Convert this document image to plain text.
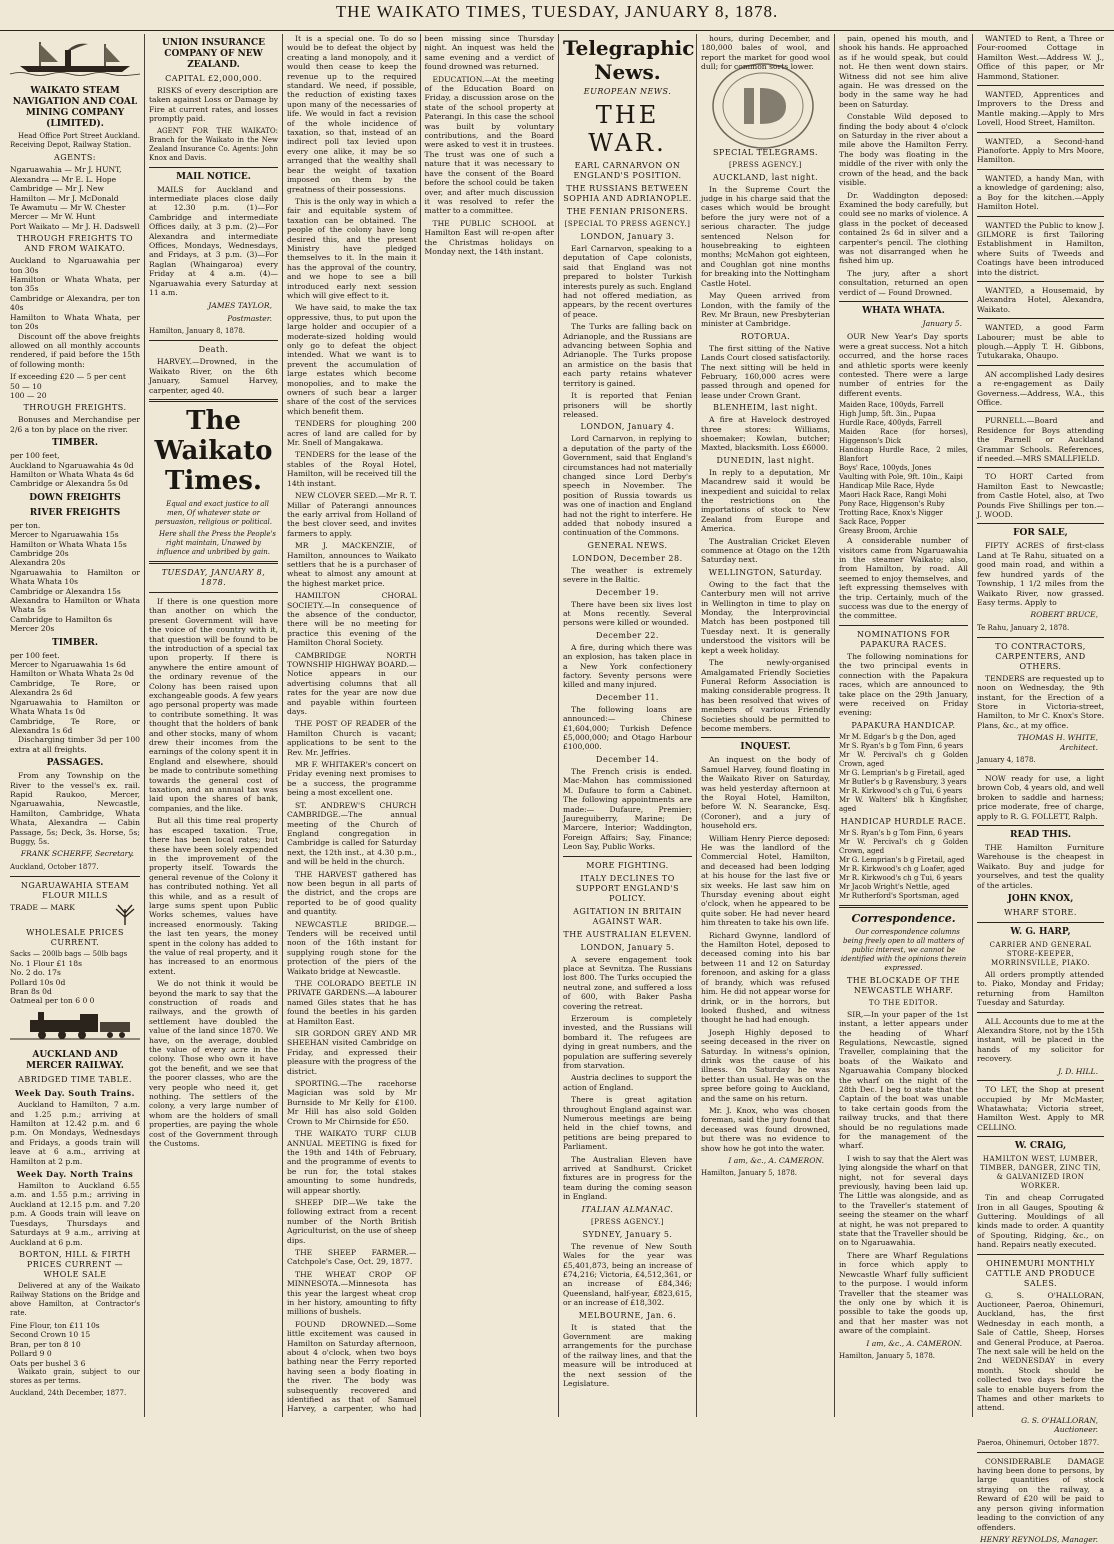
THE WAIKATO TIMES, TUESDAY, JANUARY 8, 1878.
WAIKATO STEAM NAVIGATION AND COAL MINING COMPANY (LIMITED).

Head Office Port Street Auckland. Receiving Depot, Railway Station.

AGENTS:
Ngaruawahia — Mr J. HUNT,
Alexandra — Mr E. L. Hope
Cambridge — Mr J. New
Hamilton — Mr J. McDonald
Te Awamutu — Mr W. Chester
Mercer — Mr W. Hunt
Port Waikato — Mr J. H. Dadswell
THROUGH FREIGHTS TO AND FROM WAIKATO.
Auckland to Ngaruawahia per ton 30s
Hamilton or Whata Whata, per ton 35s
Cambridge or Alexandra, per ton 40s
Hamilton to Whata Whata, per ton 20s

Discount off the above freights allowed on all monthly accounts rendered, if paid before the 15th of following month:

If exceeding £20 — 5 per cent
50 — 10
100 — 20
THROUGH FREIGHTS.

Bonuses and Merchandise per 2/6 a ton by place on the river.

TIMBER.
per 100 feet,
Auckland to Ngaruawahia 4s 0d
Hamilton or Whata Whata 4s 6d
Cambridge or Alexandra 5s 0d
DOWN FREIGHTS
RIVER FREIGHTS
per ton.
Mercer to Ngaruawahia 15s
Hamilton or Whata Whata 15s
Cambridge 20s
Alexandra 20s
Ngaruawahia to Hamilton or Whata Whata 10s
Cambridge or Alexandra 15s
Alexandra to Hamilton or Whata Whata 5s
Cambridge to Hamilton 6s
Mercer 20s
TIMBER.
per 100 feet.
Mercer to Ngaruawahia 1s 6d
Hamilton or Whata Whata 2s 0d
Cambridge, Te Rore, or Alexandra 2s 6d
Ngaruawahia to Hamilton or Whata Whata 1s 0d
Cambridge, Te Rore, or Alexandra 1s 6d

Discharging timber 3d per 100 extra at all freights.

PASSAGES.

From any Township on the River to the vessel's ex. rail. Rapid Raukoo, Mercer, Ngaruawahia, Newcastle, Hamilton, Cambridge, Whata Whata, Alexandra — Cabin Passage, 5s; Deck, 3s. Horse, 5s; Buggy, 5s.

FRANK SCHERFF, Secretary.
Auckland, October 1877.
NGARUAWAHIA STEAM FLOUR MILLS
TRADE — MARK
WHOLESALE PRICES CURRENT.
Sacks — 200lb bags — 50lb bags
No. 1 Flour £1 18s
No. 2 do. 17s
Pollard 10s 0d
Bran 8s 0d
Oatmeal per ton 6 0 0
AUCKLAND AND MERCER RAILWAY.
ABRIDGED TIME TABLE.
Week Day. South Trains.

Auckland to Hamilton, 7 a.m. and 1.25 p.m.; arriving at Hamilton at 12.42 p.m. and 6 p.m. On Mondays, Wednesdays and Fridays, a goods train will leave at 6 a.m., arriving at Hamilton at 2 p.m.

Week Day. North Trains

Hamilton to Auckland 6.55 a.m. and 1.55 p.m.; arriving in Auckland at 12.15 p.m. and 7.20 p.m. A Goods train will leave on Tuesdays, Thursdays and Saturdays at 9 a.m., arriving at Auckland at 6 p.m.

BORTON, HILL & FIRTH PRICES CURRENT — WHOLE SALE

Delivered at any of the Waikato Railway Stations on the Bridge and above Hamilton, at Contractor's rate.

Fine Flour, ton £11 10s
Second Crown 10 15
Bran, per ton 8 10
Pollard 9 0
Oats per bushel 3 6

Waikato grain, subject to our stores as per terms.

Auckland, 24th December, 1877.
UNION INSURANCE COMPANY OF NEW ZEALAND.
CAPITAL £2,000,000.

RISKS of every description are taken against Loss or Damage by Fire at current rates, and losses promptly paid.

AGENT FOR THE WAIKATO: Branch for the Waikato in the New Zealand Insurance Co. Agents: John Knox and Davis.

MAIL NOTICE.

MAILS for Auckland and intermediate places close daily at 12.30 p.m. (1)—For Cambridge and intermediate Offices daily, at 3 p.m. (2)—For Alexandra and intermediate Offices, Mondays, Wednesdays, and Fridays, at 3 p.m. (3)—For Raglan (Whaingaroa) every Friday at 4 a.m. (4)—Ngaruawahia every Saturday at 11 a.m.

JAMES TAYLOR,
Postmaster.
Hamilton, January 8, 1878.
Death.

HARVEY.—Drowned, in the Waikato River, on the 6th January, Samuel Harvey, carpenter, aged 40.

The Waikato Times.

Equal and exact justice to all men, Of whatever state or persuasion, religious or political.

Here shall the Press the People's right maintain, Unawed by influence and unbribed by gain.

TUESDAY, JANUARY 8, 1878.

If there is one question more than another on which the present Government will have the voice of the country with it, that question will be found to be the introduction of a special tax upon property. If there is anywhere the entire amount of the ordinary revenue of the Colony has been raised upon exchangeable goods. A few years ago personal property was made to contribute something. It was thought that the holders of bank and other stocks, many of whom drew their incomes from the earnings of the colony spent it in England and elsewhere, should be made to contribute something towards the general cost of taxation, and an annual tax was laid upon the shares of bank, companies, and the like.

But all this time real property has escaped taxation. True, there has been local rates; but these have been solely expended in the improvement of the property itself. Towards the general revenue of the Colony it has contributed nothing. Yet all this while, and as a result of large sums spent upon Public Works schemes, values have increased enormously. Taking the last ten years, the money spent in the colony has added to the value of real property, and it has increased to an enormous extent.

We do not think it would be beyond the mark to say that the construction of roads and railways, and the growth of settlement have doubled the value of the land since 1870. We have, on the average, doubled the value of every acre in the colony. Those who own it have got the benefit, and we see that the poorer classes, who are the very people who need it, get nothing. The settlers of the colony, a very large number of whom are the holders of small properties, are paying the whole cost of the Government through the Customs.

It is a special one. To do so would be to defeat the object by creating a land monopoly, and it would then cease to keep the revenue up to the required standard. We need, if possible, the reduction of existing taxes upon many of the necessaries of life. We would in fact a revision of the whole incidence of taxation, so that, instead of an indirect poll tax levied upon every one alike, it may be so arranged that the wealthy shall bear the weight of taxation imposed on them by the greatness of their possessions.

This is the only way in which a fair and equitable system of taxation can be obtained. The people of the colony have long desired this, and the present Ministry have pledged themselves to it. In the main it has the approval of the country, and we hope to see a bill introduced early next session which will give effect to it.

We have said, to make the tax oppressive, thus, to put upon the large holder and occupier of a moderate-sized holding would only go to defeat the object intended. What we want is to prevent the accumulation of large estates which become monopolies, and to make the owners of such bear a larger share of the cost of the services which benefit them.

TENDERS for ploughing 200 acres of land are called for by Mr. Snell of Mangakawa.

TENDERS for the lease of the stables of the Royal Hotel, Hamilton, will be received till the 14th instant.

NEW CLOVER SEED.—Mr R. T. Millar of Paterangi announces the early arrival from Holland of the best clover seed, and invites farmers to apply.

MR J. MACKENZIE, of Hamilton, announces to Waikato settlers that he is a purchaser of wheat to almost any amount at the highest market price.

HAMILTON CHORAL SOCIETY.—In consequence of the absence of the conductor, there will be no meeting for practice this evening of the Hamilton Choral Society.

CAMBRIDGE NORTH TOWNSHIP HIGHWAY BOARD.—Notice appears in our advertising columns that all rates for the year are now due and payable within fourteen days.

THE POST OF READER of the Hamilton Church is vacant; applications to be sent to the Rev. Mr. Jeffries.

MR F. WHITAKER's concert on Friday evening next promises to be a success, the programme being a most excellent one.

ST. ANDREW'S CHURCH CAMBRIDGE.—The annual meeting of the Church of England congregation in Cambridge is called for Saturday next, the 12th inst., at 4.30 p.m., and will be held in the church.

THE HARVEST gathered has now been begun in all parts of the district, and the crops are reported to be of good quality and quantity.

NEWCASTLE BRIDGE.—Tenders will be received until noon of the 16th instant for supplying rough stone for the protection of the piers of the Waikato bridge at Newcastle.

THE COLORADO BEETLE IN PRIVATE GARDENS.—A labourer named Giles states that he has found the beetles in his garden at Hamilton East.

SIR GORDON GREY AND MR SHEEHAN visited Cambridge on Friday, and expressed their pleasure with the progress of the district.

SPORTING.—The racehorse Magician was sold by Mr Burnside to Mr Kelly for £100. Mr Hill has also sold Golden Crown to Mr Chirnside for £50.

THE WAIKATO TURF CLUB ANNUAL MEETING is fixed for the 19th and 14th of February, and the programme of events to be run for, the total stakes amounting to some hundreds, will appear shortly.

SHEEP DIP.—We take the following extract from a recent number of the North British Agriculturist, on the use of sheep dips.

THE SHEEP FARMER.—Catchpole's Case, Oct. 29, 1877.

THE WHEAT CROP OF MINNESOTA.—Minnesota has this year the largest wheat crop in her history, amounting to fifty millions of bushels.

FOUND DROWNED.—Some little excitement was caused in Hamilton on Saturday afternoon, about 4 o'clock, when two boys bathing near the Ferry reported having seen a body floating in the river. The body was subsequently recovered and identified as that of Samuel Harvey, a carpenter, who had been missing since Thursday night. An inquest was held the same evening and a verdict of found drowned was returned.

EDUCATION.—At the meeting of the Education Board on Friday, a discussion arose on the state of the school property at Paterangi. In this case the school was built by voluntary contributions, and the Board were asked to vest it in trustees. The trust was one of such a nature that it was necessary to have the consent of the Board before the school could be taken over, and after much discussion it was resolved to refer the matter to a committee.

THE PUBLIC SCHOOL at Hamilton East will re-open after the Christmas holidays on Monday next, the 14th instant.

Telegraphic News.
EUROPEAN NEWS.
THE WAR.
EARL CARNARVON ON ENGLAND'S POSITION.
THE RUSSIANS BETWEEN SOPHIA AND ADRIANOPLE.
THE FENIAN PRISONERS.
[SPECIAL TO PRESS AGENCY.]
LONDON, January 3.

Earl Carnarvon, speaking to a deputation of Cape colonists, said that England was not prepared to bolster Turkish interests purely as such. England had not offered mediation, as appears, by the recent overtures of peace.

The Turks are falling back on Adrianople, and the Russians are advancing between Sophia and Adrianople. The Turks propose an armistice on the basis that each party retains whatever territory is gained.

It is reported that Fenian prisoners will be shortly released.

LONDON, January 4.

Lord Carnarvon, in replying to a deputation of the party of the Government, said that England's circumstances had not materially changed since Lord Derby's speech in November. The position of Russia towards us was one of inaction and England had not the right to interfere. He added that nobody insured a continuation of the Commons.

GENERAL NEWS.
LONDON, December 28.

The weather is extremely severe in the Baltic.

December 19.

There have been six lives lost at Mons recently. Several persons were killed or wounded.

December 22.

A fire, during which there was an explosion, has taken place in a New York confectionery factory. Seventy persons were killed and many injured.

December 11.

The following loans are announced:— Chinese £1,604,000; Turkish Defence £5,000,000; and Otago Harbour £100,000.

December 14.

The French crisis is ended. Mac-Mahon has commissioned M. Dufaure to form a Cabinet. The following appointments are made:— Dufaure, Premier; Jaureguiberry, Marine; De Marcere, Interior; Waddington, Foreign Affairs; Say, Finance; Leon Say, Public Works.

MORE FIGHTING.
ITALY DECLINES TO SUPPORT ENGLAND'S POLICY.
AGITATION IN BRITAIN AGAINST WAR.
THE AUSTRALIAN ELEVEN.
LONDON, January 5.

A severe engagement took place at Sevnitza. The Russians lost 800. The Turks occupied the neutral zone, and suffered a loss of 600, with Baker Pasha covering the retreat.

Erzeroum is completely invested, and the Russians will bombard it. The refugees are dying in great numbers, and the population are suffering severely from starvation.

Austria declines to support the action of England.

There is great agitation throughout England against war. Numerous meetings are being held in the chief towns, and petitions are being prepared to Parliament.

The Australian Eleven have arrived at Sandhurst. Cricket fixtures are in progress for the team during the coming season in England.

ITALIAN ALMANAC.
[PRESS AGENCY.]
SYDNEY, January 5.

The revenue of New South Wales for the year was £5,401,873, being an increase of £74,216; Victoria, £4,512,361, or an increase of £84,346; Queensland, half-year, £823,615, or an increase of £18,302.

MELBOURNE, Jan. 6.

It is stated that the Government are making arrangements for the purchase of the railway lines, and that the measure will be introduced at the next session of the Legislature.

hours, during December, and 180,000 bales of wool, and report the market for good wool dull; for common sorts lower.

SPECIAL TELEGRAMS.
[PRESS AGENCY.]
AUCKLAND, last night.

In the Supreme Court the judge in his charge said that the cases which would be brought before the jury were not of a serious character. The judge sentenced Nelson for housebreaking to eighteen months; McMahon got eighteen, and Coughlan got nine months for breaking into the Nottingham Castle Hotel.

May Queen arrived from London, with the family of the Rev. Mr Braun, new Presbyterian minister at Cambridge.

ROTORUA.

The first sitting of the Native Lands Court closed satisfactorily. The next sitting will be held in February, 160,000 acres were passed through and opened for lease under Crown Grant.

BLENHEIM, last night.

A fire at Havelock destroyed three stores: Williams, shoemaker; Kowlan, butcher; Maxted, blacksmith. Loss £6000.

DUNEDIN, last night.

In reply to a deputation, Mr Macandrew said it would be inexpedient and suicidal to relax the restrictions on the importations of stock to New Zealand from Europe and America.

The Australian Cricket Eleven commence at Otago on the 12th Saturday next.

WELLINGTON, Saturday.

Owing to the fact that the Canterbury men will not arrive in Wellington in time to play on Monday, the Interprovincial Match has been postponed till Tuesday next. It is generally understood the visitors will be kept a week holiday.

The newly-organised Amalgamated Friendly Societies Funeral Reform Association is making considerable progress. It has been resolved that wives of members of various Friendly Societies should be permitted to become members.

INQUEST.

An inquest on the body of Samuel Harvey, found floating in the Waikato River on Saturday, was held yesterday afternoon at the Royal Hotel, Hamilton, before W. N. Searancke, Esq. (Coroner), and a jury of household ers.

William Henry Pierce deposed: He was the landlord of the Commercial Hotel, Hamilton, and deceased had been lodging at his house for the last five or six weeks. He last saw him on Thursday evening about eight o'clock, when he appeared to be quite sober. He had never heard him threaten to take his own life.

Richard Gwynne, landlord of the Hamilton Hotel, deposed to deceased coming into his bar between 11 and 12 on Saturday forenoon, and asking for a glass of brandy, which was refused him. He did not appear worse for drink, or in the horrors, but looked flushed, and witness thought he had had enough.

Joseph Highly deposed to seeing deceased in the river on Saturday. In witness's opinion, drink was the cause of his illness. On Saturday he was better than usual. He was on the spree before going to Auckland, and the same on his return.

Mr. J. Knox, who was chosen foreman, said the jury found that deceased was found drowned, but there was no evidence to show how he got into the water.

I am, &c., A. CAMERON.
Hamilton, January 5, 1878.

pain, opened his mouth, and shook his hands. He approached as if he would speak, but could not. He then went down stairs. Witness did not see him alive again. He was dressed on the body in the same way he had been on Saturday.

Constable Wild deposed to finding the body about 4 o'clock on Saturday in the river about a mile above the Hamilton Ferry. The body was floating in the middle of the river with only the crown of the head, and the back visible.

Dr. Waddington deposed: Examined the body carefully, but could see no marks of violence. A glass in the pocket of deceased contained 2s 6d in silver and a carpenter's pencil. The clothing was not disarranged when he fished him up.

The jury, after a short consultation, returned an open verdict of — Found Drowned.

WHATA WHATA.
January 5.

OUR New Year's Day sports were a great success. Not a hitch occurred, and the horse races and athletic sports were keenly contested. There were a large number of entries for the different events.

Maiden Race, 100yds, Farrell
High Jump, 5ft. 3in., Pupaa
Hurdle Race, 400yds, Farrell
Maiden Race (for horses), Higgenson's Dick
Handicap Hurdle Race, 2 miles, Blanfort
Boys' Race, 100yds, Jones
Vaulting with Pole, 9ft. 10in., Kaipi
Handicap Mile Race, Hyde
Maori Hack Race, Rangi Mohi
Pony Race, Higgenson's Ruby
Trotting Race, Knox's Nigger
Sack Race, Popper
Greasy Broom, Archie

A considerable number of visitors came from Ngaruawahia in the steamer Waikato; also, from Hamilton, by road. All seemed to enjoy themselves, and left expressing themselves with the trip. Certainly, much of the success was due to the energy of the committee.

NOMINATIONS FOR PAPAKURA RACES.

The following nominations for the two principal events in connection with the Papakura races, which are announced to take place on the 29th January, were received on Friday evening:

PAPAKURA HANDICAP.
Mr M. Edgar's b g the Don, aged
Mr S. Ryan's b g Tom Finn, 6 years
Mr W. Percival's ch g Golden Crown, aged
Mr G. Lemprian's b g Firetail, aged
Mr Butler's b g Ravensbury, 3 years
Mr R. Kirkwood's ch g Tui, 6 years
Mr W. Walters' blk h Kingfisher, aged
HANDICAP HURDLE RACE.
Mr S. Ryan's b g Tom Finn, 6 years
Mr W. Percival's ch g Golden Crown, aged
Mr G. Lemprian's b g Firetail, aged
Mr R. Kirkwood's ch g Loafer, aged
Mr R. Kirkwood's ch g Tui, 6 years
Mr Jacob Wright's Nettle, aged
Mr Rutherford's Sportsman, aged
Correspondence.

Our correspondence columns being freely open to all matters of public interest, we cannot be identified with the opinions therein expressed.

THE BLOCKADE OF THE NEWCASTLE WHARF.
TO THE EDITOR.

SIR,—In your paper of the 1st instant, a letter appears under the heading of Wharf Regulations, Newcastle, signed Traveller, complaining that the boats of the Waikato and Ngaruawahia Company blocked the wharf on the night of the 28th Dec. I beg to state that the Captain of the boat was unable to take certain goods from the railway trucks, and that there should be no regulations made for the management of the wharf.

I wish to say that the Alert was lying alongside the wharf on that night, not for several days previously, having been laid up. The Little was alongside, and as to the Traveller's statement of seeing the steamer on the wharf at night, he was not prepared to state that the Traveller should be on to Ngaruawahia.

There are Wharf Regulations in force which apply to Newcastle Wharf fully sufficient to the purpose. I would inform Traveller that the steamer was the only one by which it is possible to take the goods up, and that her master was not aware of the complaint.

I am, &c., A. CAMERON.
Hamilton, January 5, 1878.

WANTED to Rent, a Three or Four-roomed Cottage in Hamilton West.—Address W. J., Office of this paper, or Mr Hammond, Stationer.

WANTED, Apprentices and Improvers to the Dress and Mantle making.—Apply to Mrs Lovell, Hood Street, Hamilton.

WANTED, a Second-hand Pianoforte. Apply to Mrs Moore, Hamilton.

WANTED, a handy Man, with a knowledge of gardening; also, a Boy for the kitchen.—Apply Hamilton Hotel.

WANTED the Public to know J. GILMORE is first Tailoring Establishment in Hamilton, where Suits of Tweeds and Coatings have been introduced into the district.

WANTED, a Housemaid, by Alexandra Hotel, Alexandra, Waikato.

WANTED, a good Farm Labourer; must be able to plough.—Apply T. H. Gibbons, Tutukaraka, Ohaupo.

AN accomplished Lady desires a re-engagement as Daily Governess.—Address, W.A., this Office.

PURNELL.—Board and Residence for Boys attending the Parnell or Auckland Grammar Schools. References, if needed.—MRS SMALLFIELD.

TO HORT Carted from Hamilton East to Newcastle; from Castle Hotel, also, at Two Pounds Five Shillings per ton.—J. WOOD.

FOR SALE,

FIFTY ACRES of first-class Land at Te Rahu, situated on a good main road, and within a few hundred yards of the Township, 1 1/2 miles from the Waikato River, now grassed. Easy terms. Apply to

ROBERT BRUCE,
Te Rahu, January 2, 1878.
TO CONTRACTORS, CARPENTERS, AND OTHERS.

TENDERS are requested up to noon on Wednesday, the 9th instant, for the Erection of a Store in Victoria-street, Hamilton, to Mr C. Knox's Store. Plans, &c., at my office.

THOMAS H. WHITE, Architect.
January 4, 1878.

NOW ready for use, a light brown Cob, 4 years old, and well broken to saddle and harness; price moderate, free of charge, apply to R. G. FOLLETT, Ralph.

READ THIS.

THE Hamilton Furniture Warehouse is the cheapest in Waikato. Buy and judge for yourselves, and test the quality of the articles.

JOHN KNOX,
WHARF STORE.
W. G. HARP,
CARRIER AND GENERAL STORE-KEEPER, MORRINSVILLE, PIAKO.

All orders promptly attended to. Piako, Monday and Friday; returning from Hamilton Tuesday and Saturday.

ALL Accounts due to me at the Alexandra Store, not by the 15th instant, will be placed in the hands of my solicitor for recovery.

J. D. HILL.

TO LET, the Shop at present occupied by Mr McMaster, Whatawhata; Victoria street, Hamilton West. Apply to MR CELLINO.

W. CRAIG,
HAMILTON WEST, LUMBER, TIMBER, DANGER, ZINC TIN, & GALVANIZED IRON WORKER.

Tin and cheap Corrugated Iron in all Gauges, Spouting & Guttering. Mouldings of all kinds made to order. A quantity of Spouting, Ridging, &c., on hand. Repairs neatly executed.

OHINEMURI MONTHLY CATTLE AND PRODUCE SALES.

G. S. O'HALLORAN, Auctioneer, Paeroa, Ohinemuri, Auckland, has, the first Wednesday in each month, a Sale of Cattle, Sheep, Horses and General Produce, at Paeroa. The next sale will be held on the 2nd WEDNESDAY in every month. Stock should be collected two days before the sale to enable buyers from the Thames and other markets to attend.

G. S. O'HALLORAN, Auctioneer.
Paeroa, Ohinemuri, October 1877.

CONSIDERABLE DAMAGE having been done to persons, by large quantities of stock straying on the railway, a Reward of £20 will be paid to any person giving information leading to the conviction of any offenders.

HENRY REYNOLDS, Manager.
